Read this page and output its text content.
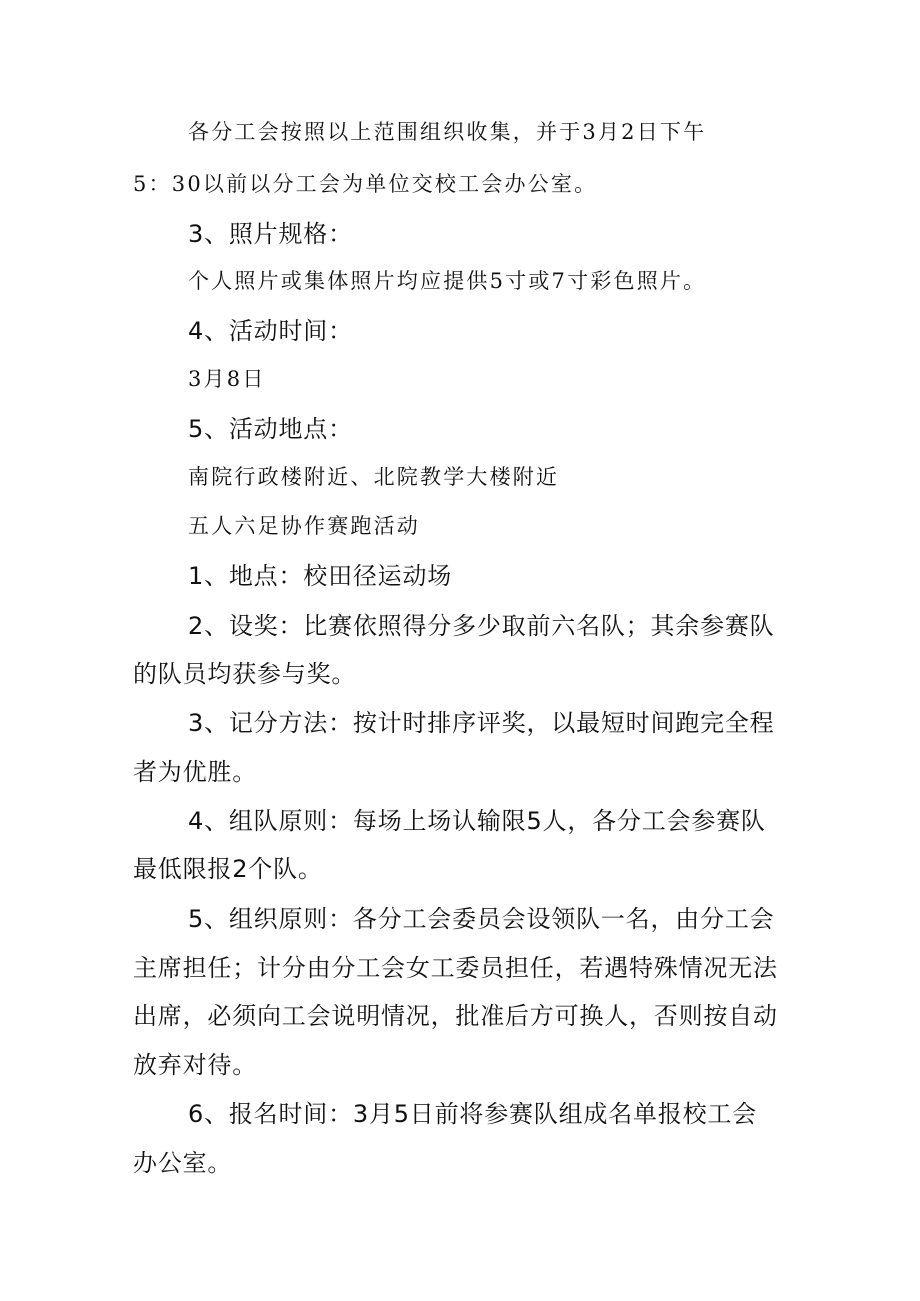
各分工会按照以上范围组织收集，并于3月2日下午
5：30以前以分工会为单位交校工会办公室。
3、照片规格：
个人照片或集体照片均应提供5寸或7寸彩色照片。
4、活动时间：
3月8日
5、活动地点：
南院行政楼附近、北院教学大楼附近
五人六足协作赛跑活动
1、地点：校田径运动场
2、设奖：比赛依照得分多少取前六名队；其余参赛队
的队员均获参与奖。
3、记分方法：按计时排序评奖，以最短时间跑完全程
者为优胜。
4、组队原则：每场上场认输限5人，各分工会参赛队
最低限报2个队。
5、组织原则：各分工会委员会设领队一名，由分工会
主席担任；计分由分工会女工委员担任，若遇特殊情况无法
出席，必须向工会说明情况，批准后方可换人，否则按自动
放弃对待。
6、报名时间：3月5日前将参赛队组成名单报校工会
办公室。
